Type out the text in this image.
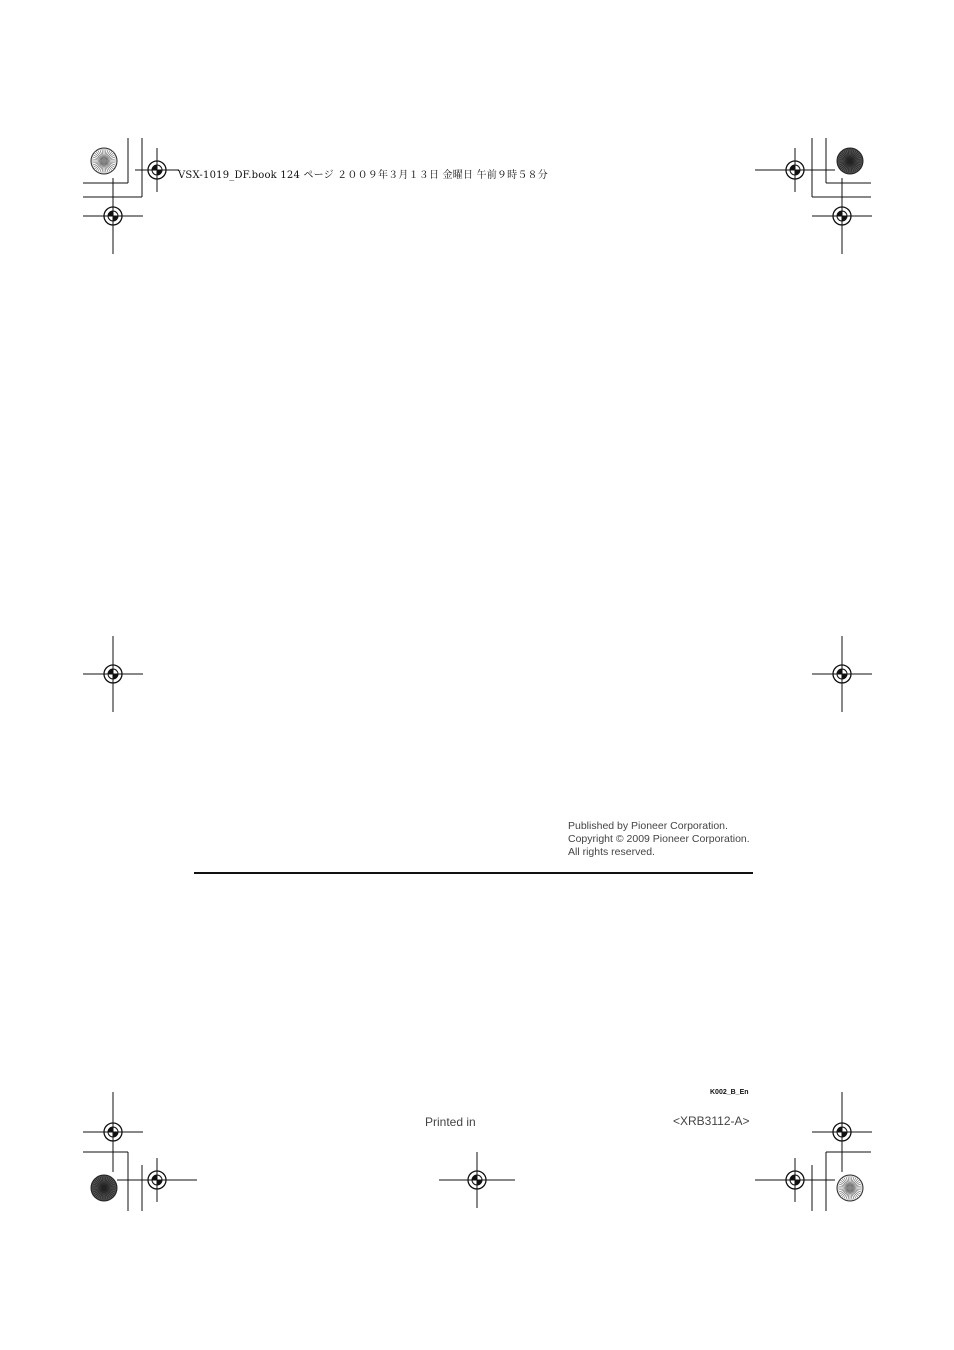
VSX-1019_DF.book 124 ページ ２００９年３月１３日 金曜日 午前９時５８分
Published by Pioneer Corporation.
Copyright © 2009 Pioneer Corporation.
All rights reserved.
K002_B_En
Printed in	<XRB3112-A>
